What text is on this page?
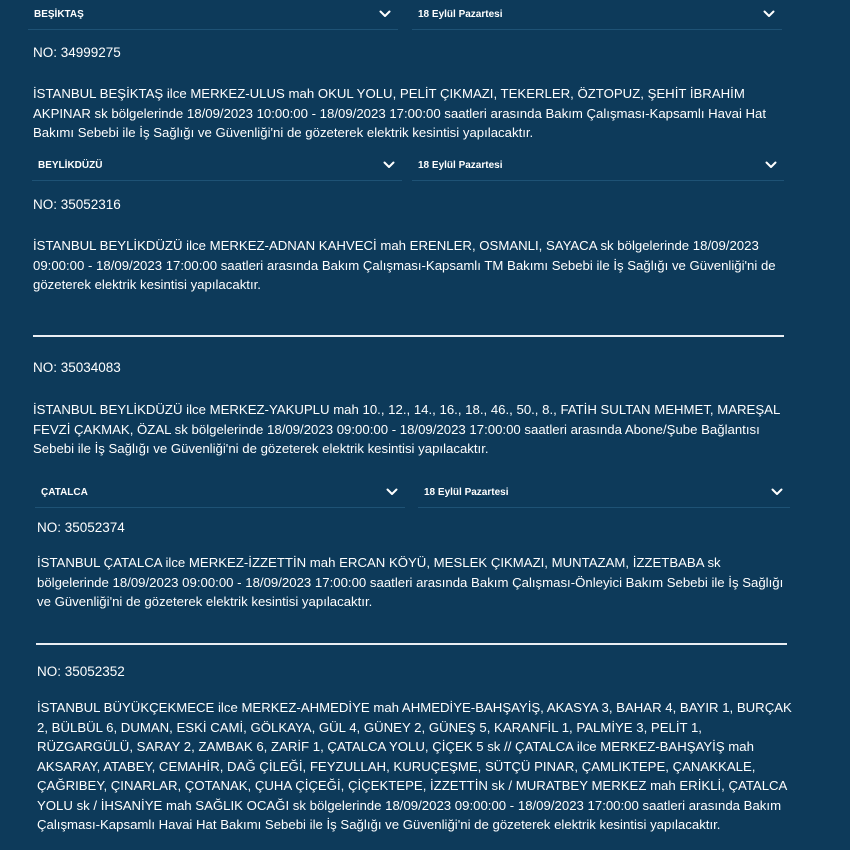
BEŞİKTAŞ	18 Eylül Pazartesi
NO: 34999275

İSTANBUL BEŞİKTAŞ ilce MERKEZ-ULUS mah OKUL YOLU, PELİT ÇIKMAZI, TEKERLER, ÖZTOPUZ, ŞEHİT İBRAHİM AKPINAR sk bölgelerinde 18/09/2023 10:00:00 - 18/09/2023 17:00:00 saatleri arasında Bakım Çalışması-Kapsamlı Havai Hat Bakımı Sebebi ile İş Sağlığı ve Güvenliği'ni de gözeterek elektrik kesintisi yapılacaktır.

BEYLİKDÜZÜ	18 Eylül Pazartesi
NO: 35052316

İSTANBUL BEYLİKDÜZÜ ilce MERKEZ-ADNAN KAHVECİ mah ERENLER, OSMANLI, SAYACA sk bölgelerinde 18/09/2023 09:00:00 - 18/09/2023 17:00:00 saatleri arasında Bakım Çalışması-Kapsamlı TM Bakımı Sebebi ile İş Sağlığı ve Güvenliği'ni de gözeterek elektrik kesintisi yapılacaktır.

NO: 35034083

İSTANBUL BEYLİKDÜZÜ ilce MERKEZ-YAKUPLU mah 10., 12., 14., 16., 18., 46., 50., 8., FATİH SULTAN MEHMET, MAREŞAL FEVZİ ÇAKMAK, ÖZAL sk bölgelerinde 18/09/2023 09:00:00 - 18/09/2023 17:00:00 saatleri arasında Abone/Şube Bağlantısı Sebebi ile İş Sağlığı ve Güvenliği'ni de gözeterek elektrik kesintisi yapılacaktır.

ÇATALCA	18 Eylül Pazartesi
NO: 35052374

İSTANBUL ÇATALCA ilce MERKEZ-İZZETTİN mah ERCAN KÖYÜ, MESLEK ÇIKMAZI, MUNTAZAM, İZZETBABA sk bölgelerinde 18/09/2023 09:00:00 - 18/09/2023 17:00:00 saatleri arasında Bakım Çalışması-Önleyici Bakım Sebebi ile İş Sağlığı ve Güvenliği'ni de gözeterek elektrik kesintisi yapılacaktır.

NO: 35052352

İSTANBUL BÜYÜKÇEKMECE ilce MERKEZ-AHMEDİYE mah AHMEDİYE-BAHŞAYİŞ, AKASYA 3, BAHAR 4, BAYIR 1, BURÇAK 2, BÜLBÜL 6, DUMAN, ESKİ CAMİ, GÖLKAYA, GÜL 4, GÜNEY 2, GÜNEŞ 5, KARANFİL 1, PALMİYE 3, PELİT 1, RÜZGARGÜLÜ, SARAY 2, ZAMBAK 6, ZARİF 1, ÇATALCA YOLU, ÇİÇEK 5 sk // ÇATALCA ilce MERKEZ-BAHŞAYİŞ mah AKSARAY, ATABEY, CEMAHİR, DAĞ ÇİLEĞİ, FEYZULLAH, KURUÇEŞME, SÜTÇÜ PINAR, ÇAMLIKTEPE, ÇANAKKALE, ÇAĞRIBEY, ÇINARLAR, ÇOTANAK, ÇUHA ÇİÇEĞİ, ÇİÇEKTEPE, İZZETTİN sk / MURATBEY MERKEZ mah ERİKLİ, ÇATALCA YOLU sk / İHSANİYE mah SAĞLIK OCAĞI sk bölgelerinde 18/09/2023 09:00:00 - 18/09/2023 17:00:00 saatleri arasında Bakım Çalışması-Kapsamlı Havai Hat Bakımı Sebebi ile İş Sağlığı ve Güvenliği'ni de gözeterek elektrik kesintisi yapılacaktır.
